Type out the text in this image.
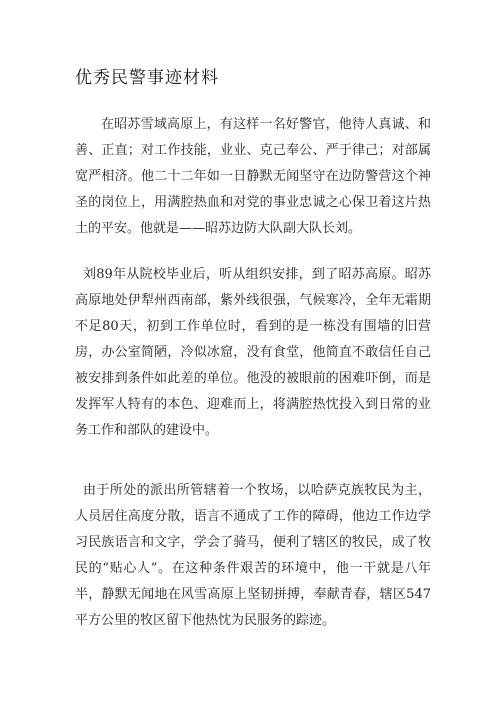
优秀民警事迹材料

在昭苏雪域高原上，有这样一名好警官，他待人真诚、和善、正直；对工作技能，业业、克己奉公、严于律己；对部属宽严相济。他二十二年如一日静默无闻坚守在边防警营这个神圣的岗位上，用满腔热血和对党的事业忠诚之心保卫着这片热土的平安。他就是——昭苏边防大队副大队长刘。

刘89年从院校毕业后，听从组织安排，到了昭苏高原。昭苏高原地处伊犁州西南部，紫外线很强，气候寒冷，全年无霜期不足80天，初到工作单位时，看到的是一栋没有围墙的旧营房，办公室简陋，冷似冰窟，没有食堂，他简直不敢信任自己被安排到条件如此差的单位。他没的被眼前的困难吓倒，而是发挥军人特有的本色、迎难而上，将满腔热忱投入到日常的业务工作和部队的建设中。

由于所处的派出所管辖着一个牧场，以哈萨克族牧民为主，人员居住高度分散，语言不通成了工作的障碍，他边工作边学习民族语言和文字，学会了骑马，便利了辖区的牧民，成了牧民的“贴心人”。在这种条件艰苦的环境中，他一干就是八年半，静默无闻地在风雪高原上坚韧拼搏，奉献青春，辖区547平方公里的牧区留下他热忱为民服务的踪迹。
